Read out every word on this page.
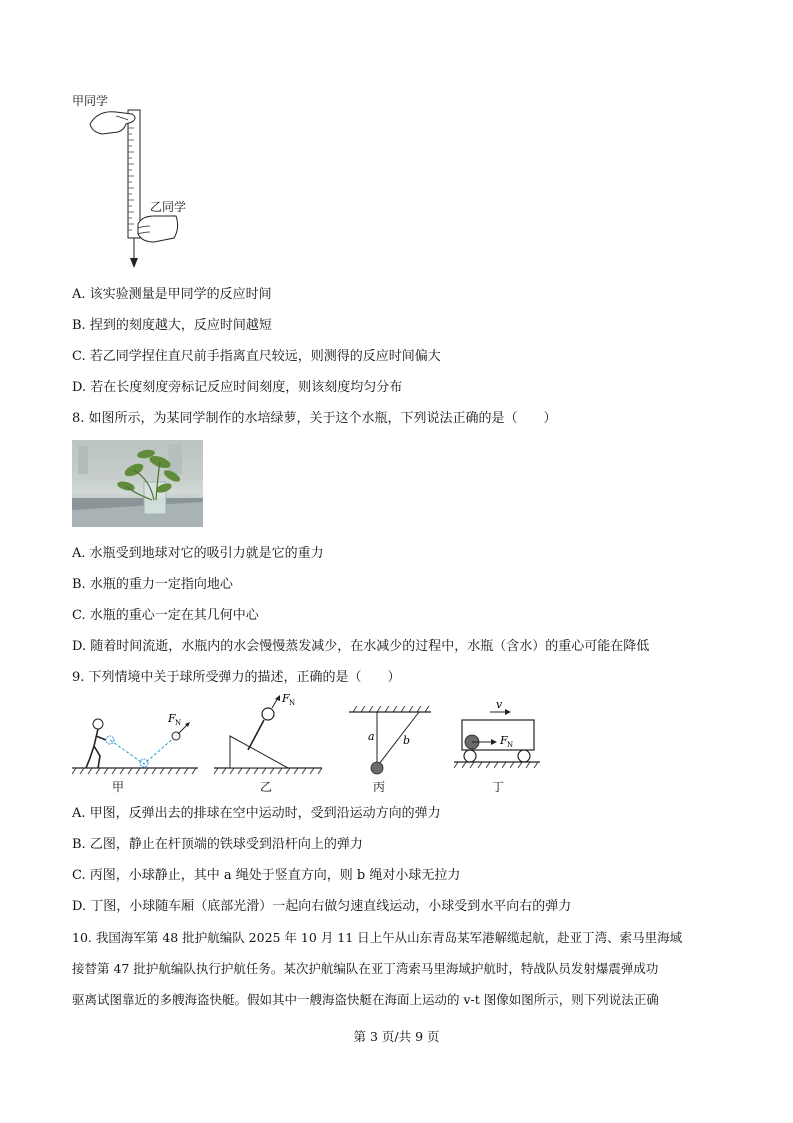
甲同学
乙同学
A. 该实验测量是甲同学的反应时间
B. 捏到的刻度越大，反应时间越短
C. 若乙同学捏住直尺前手指离直尺较远，则测得的反应时间偏大
D. 若在长度刻度旁标记反应时间刻度，则该刻度均匀分布
8. 如图所示，为某同学制作的水培绿萝，关于这个水瓶，下列说法正确的是（　　）
A. 水瓶受到地球对它的吸引力就是它的重力
B. 水瓶的重力一定指向地心
C. 水瓶的重心一定在其几何中心
D. 随着时间流逝，水瓶内的水会慢慢蒸发减少，在水减少的过程中，水瓶（含水）的重心可能在降低
9. 下列情境中关于球所受弹力的描述，正确的是（　　）
F N
甲
F N
乙
a	b
丙
v
F N
丁
A. 甲图，反弹出去的排球在空中运动时，受到沿运动方向的弹力
B. 乙图，静止在杆顶端的铁球受到沿杆向上的弹力
C. 丙图，小球静止，其中 a 绳处于竖直方向，则 b 绳对小球无拉力
D. 丁图，小球随车厢（底部光滑）一起向右做匀速直线运动，小球受到水平向右的弹力
10. 我国海军第 48 批护航编队 2025 年 10 月 11 日上午从山东青岛某军港解缆起航，赴亚丁湾、索马里海域
接替第 47 批护航编队执行护航任务。某次护航编队在亚丁湾索马里海域护航时，特战队员发射爆震弹成功
驱离试图靠近的多艘海盗快艇。假如其中一艘海盗快艇在海面上运动的 v-t 图像如图所示，则下列说法正确
第 3 页/共 9 页
